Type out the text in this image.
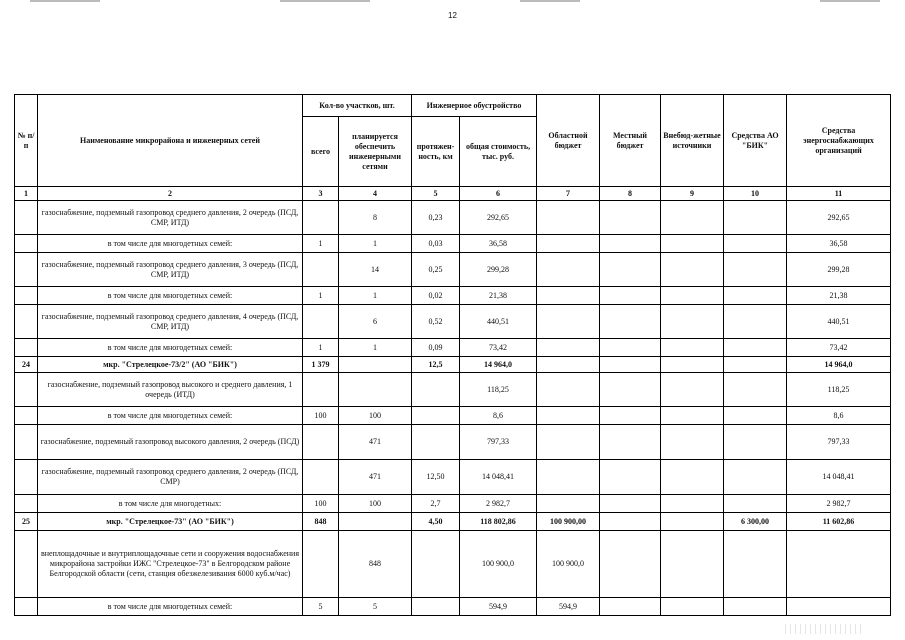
12
№ п/п	Наименование микрорайона и инженерных сетей	Кол-во участков, шт.		Инженерное обустройство		Областной бюджет	Местный бюджет	Внебюд-жетные источники	Средства АО "БИК"	Средства энергоснабжающих организаций
		всего	планируется обеспечить инженерными сетями	протяжен-ность, км	общая стоимость, тыс. руб.					
1	2	3	4	5	6	7	8	9	10	11
	газоснабжение, подземный газопровод среднего давления, 2 очередь (ПСД, СМР, ИТД)		8	0,23	292,65					292,65
	в том числе для многодетных семей:	1	1	0,03	36,58					36,58
	газоснабжение, подземный газопровод среднего давления, 3 очередь (ПСД, СМР, ИТД)		14	0,25	299,28					299,28
	в том числе для многодетных семей:	1	1	0,02	21,38					21,38
	газоснабжение, подземный газопровод среднего давления, 4 очередь (ПСД, СМР, ИТД)		6	0,52	440,51					440,51
	в том числе для многодетных семей:	1	1	0,09	73,42					73,42
24	мкр. "Стрелецкое-73/2" (АО "БИК")	1 379		12,5	14 964,0					14 964,0
	газоснабжение, подземный газопровод высокого и среднего давления, 1 очередь (ИТД)				118,25					118,25
	в том числе для многодетных семей:	100	100		8,6					8,6
	газоснабжение, подземный газопровод высокого давления, 2 очередь (ПСД)		471		797,33					797,33
	газоснабжение, подземный газопровод среднего давления, 2 очередь (ПСД, СМР)		471	12,50	14 048,41					14 048,41
	в том числе для многодетных:	100	100	2,7	2 982,7					2 982,7
25	мкр. "Стрелецкое-73" (АО "БИК")	848		4,50	118 802,86	100 900,00			6 300,00	11 602,86
	внеплощадочные и внутриплощадочные сети и сооружения водоснабжения микрорайона застройки ИЖС "Стрелецкое-73" в Белгородском районе Белгородской области (сети, станция обезжелезивания 6000 куб.м/час)		848		100 900,0	100 900,0				
	в том числе для многодетных семей:	5	5		594,9	594,9				
